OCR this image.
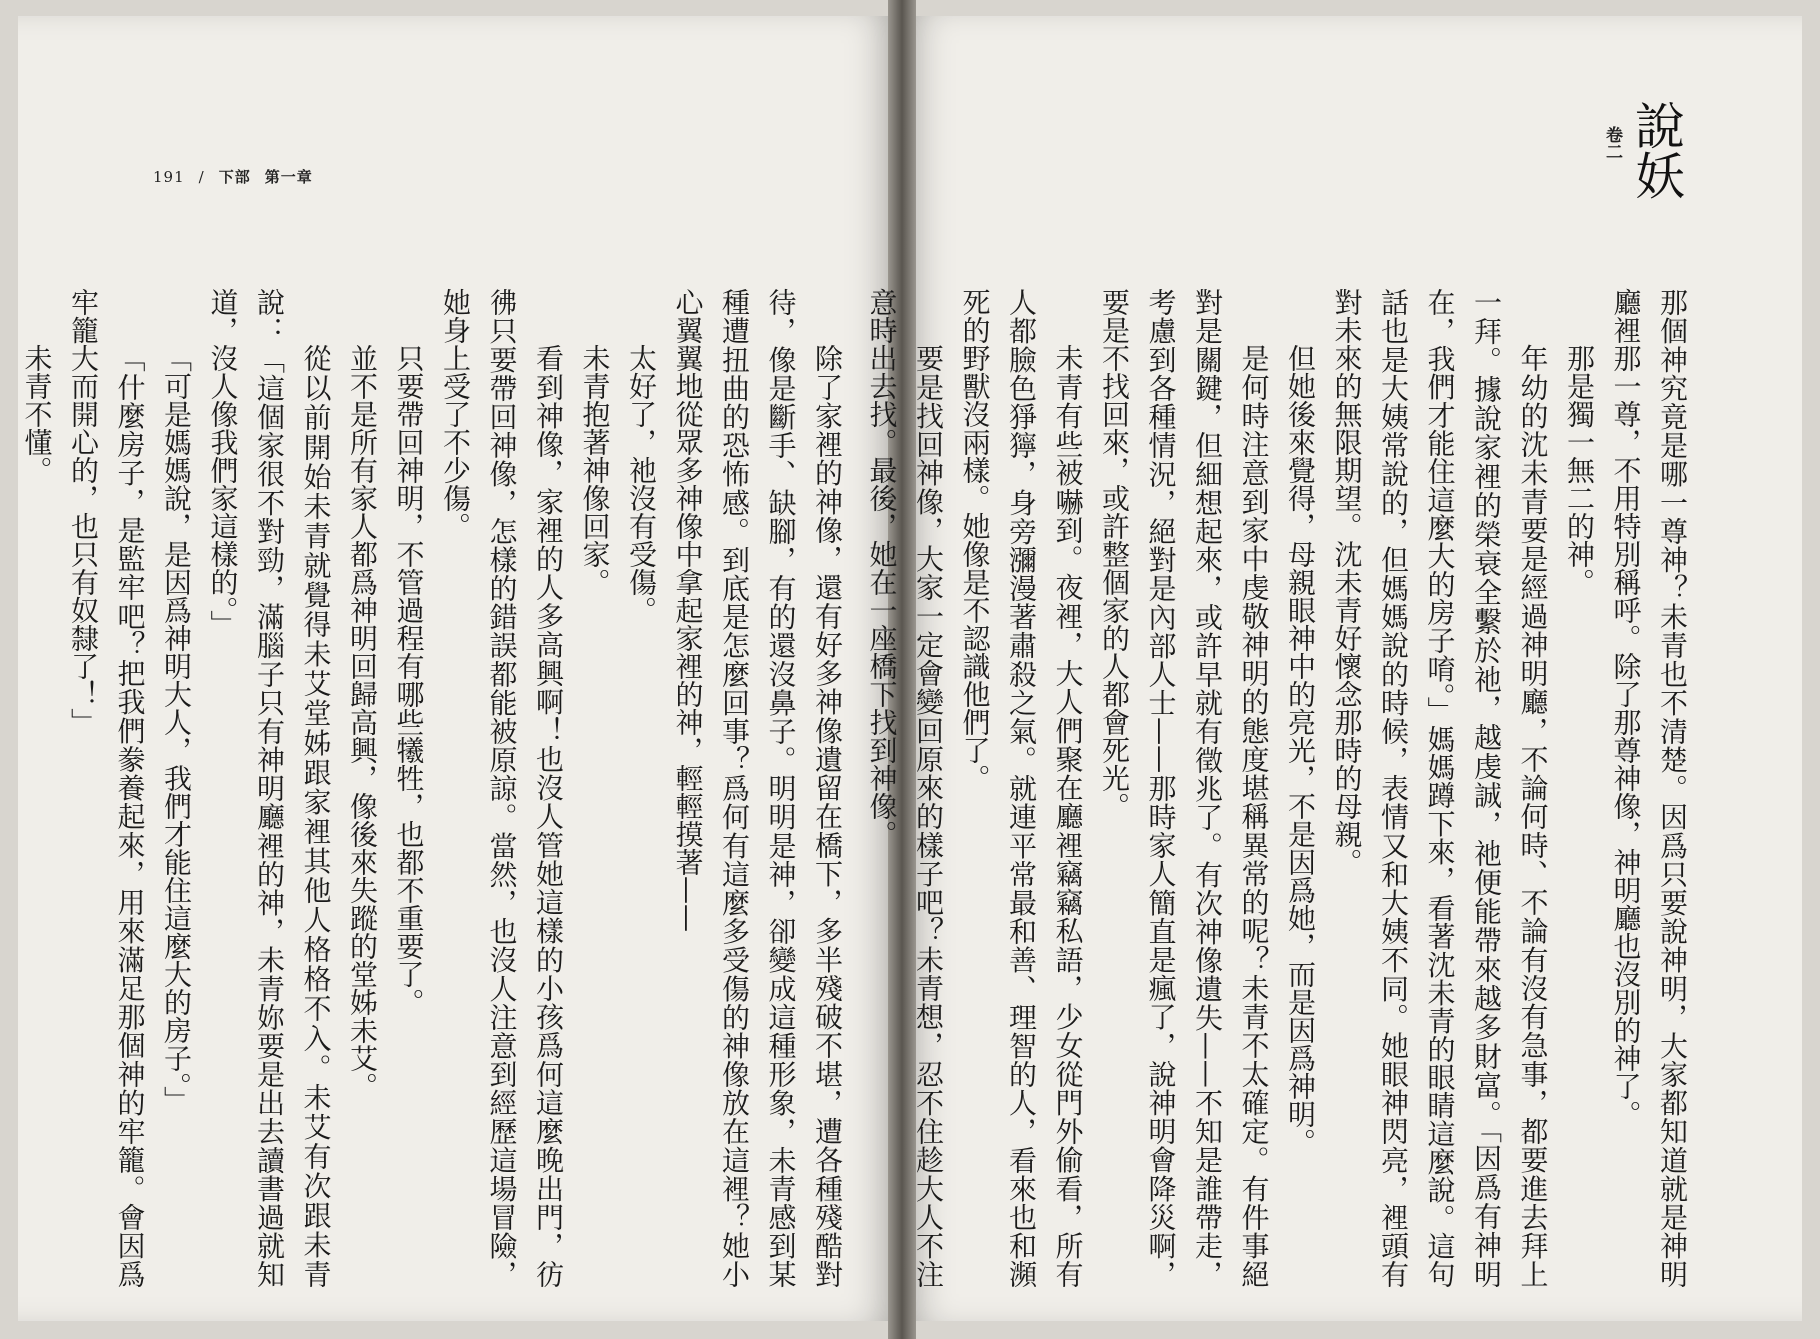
191 / 下部 第一章
卷二 說妖

除了家裡的神像，還有好多神像遺留在橋下，多半殘破不堪，遭各種殘酷對待，像是斷手、缺腳，有的還沒鼻子。明明是神，卻變成這種形象，未青感到某種遭扭曲的恐怖感。到底是怎麼回事？爲何有這麼多受傷的神像放在這裡？她小心翼翼地從眾多神像中拿起家裡的神，輕輕摸著——

太好了，祂沒有受傷。

未青抱著神像回家。

看到神像，家裡的人多高興啊！也沒人管她這樣的小孩爲何這麼晚出門，彷彿只要帶回神像，怎樣的錯誤都能被原諒。當然，也沒人注意到經歷這場冒險，她身上受了不少傷。

只要帶回神明，不管過程有哪些犧牲，也都不重要了。

並不是所有家人都爲神明回歸高興，像後來失蹤的堂姊未艾。

從以前開始未青就覺得未艾堂姊跟家裡其他人格格不入。未艾有次跟未青說：「這個家很不對勁，滿腦子只有神明廳裡的神，未青妳要是出去讀書過就知道，沒人像我們家這樣的。」

「可是媽媽說，是因爲神明大人，我們才能住這麼大的房子。」

「什麼房子，是監牢吧？把我們豢養起來，用來滿足那個神的牢籠。會因爲牢籠大而開心的，也只有奴隸了！」

未青不懂。	那個神究竟是哪一尊神？未青也不清楚。因爲只要說神明，大家都知道就是神明廳裡那一尊，不用特別稱呼。除了那尊神像，神明廳也沒別的神了。

那是獨一無二的神。

年幼的沈未青要是經過神明廳，不論何時、不論有沒有急事，都要進去拜上一拜。據說家裡的榮衰全繫於祂，越虔誠，祂便能帶來越多財富。「因爲有神明在，我們才能住這麼大的房子唷。」媽媽蹲下來，看著沈未青的眼睛這麼說。這句話也是大姨常說的，但媽媽說的時候，表情又和大姨不同。她眼神閃亮，裡頭有對未來的無限期望。沈未青好懷念那時的母親。

但她後來覺得，母親眼神中的亮光，不是因爲她，而是因爲神明。

是何時注意到家中虔敬神明的態度堪稱異常的呢？未青不太確定。有件事絕對是關鍵，但細想起來，或許早就有徵兆了。有次神像遺失——不知是誰帶走，考慮到各種情況，絕對是內部人士——那時家人簡直是瘋了，說神明會降災啊，要是不找回來，或許整個家的人都會死光。

未青有些被嚇到。夜裡，大人們聚在廳裡竊竊私語，少女從門外偷看，所有人都臉色猙獰，身旁瀰漫著肅殺之氣。就連平常最和善、理智的人，看來也和瀕死的野獸沒兩樣。她像是不認識他們了。

要是找回神像，大家一定會變回原來的樣子吧？未青想，忍不住趁大人不注意時出去找。最後，她在一座橋下找到神像。
